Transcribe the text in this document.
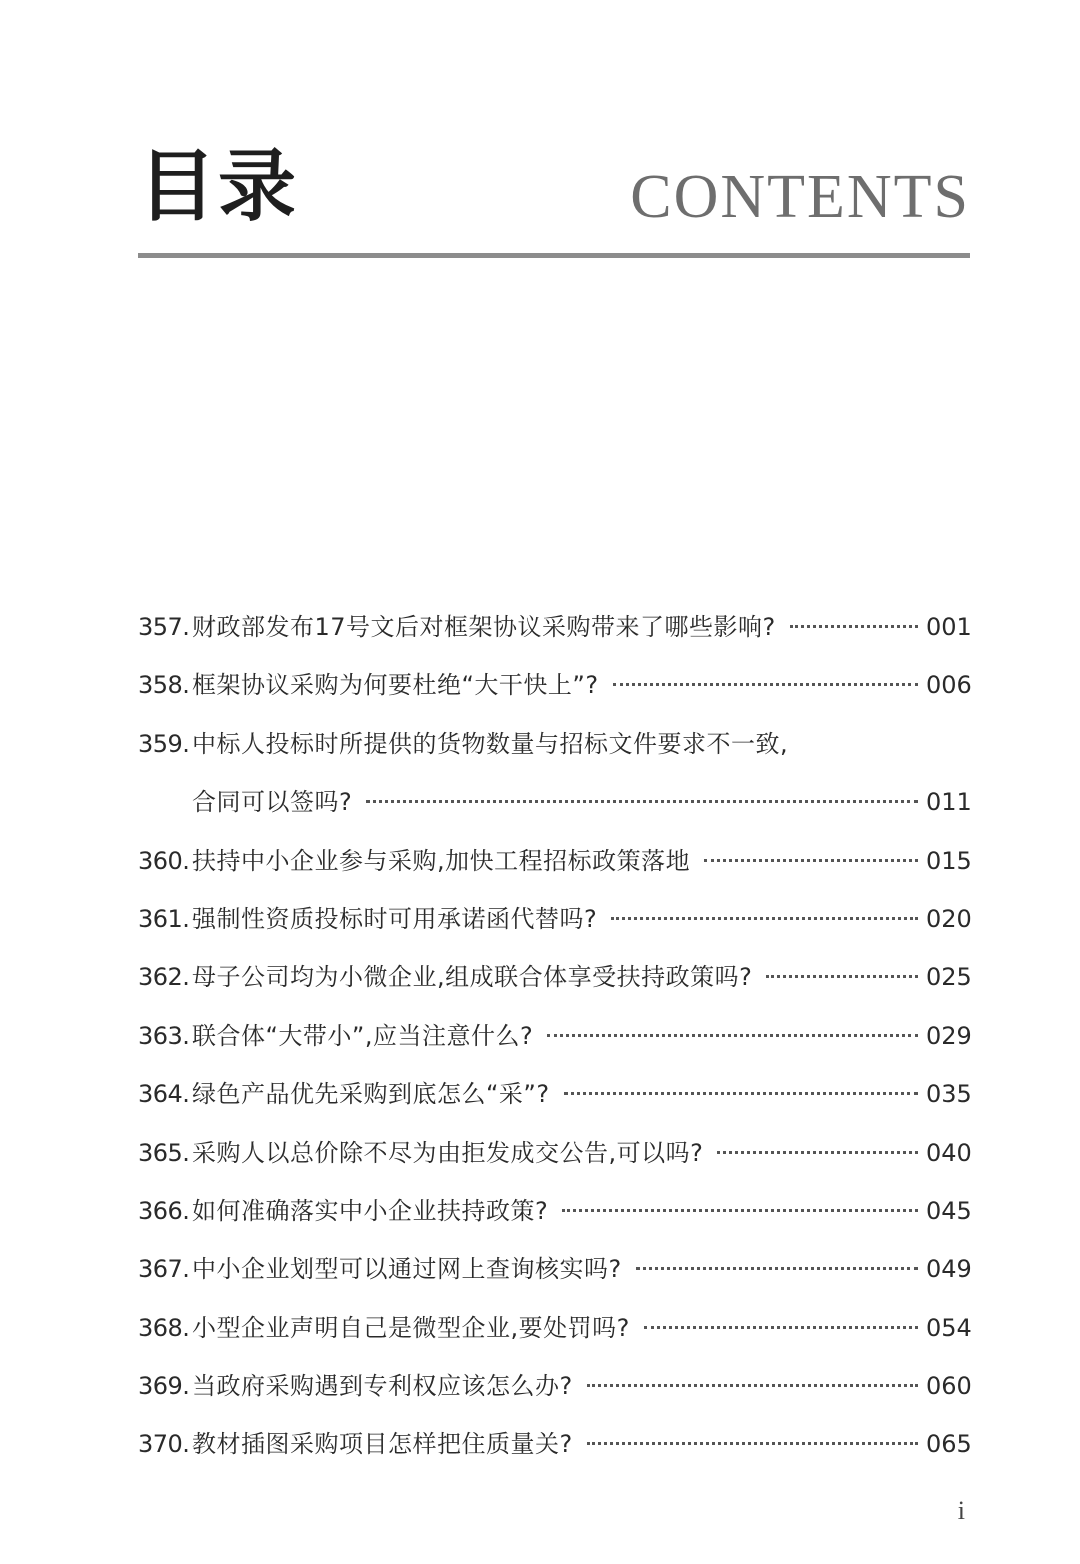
目录	CONTENTS
357. 财政部发布17号文后对框架协议采购带来了哪些影响?	001
358. 框架协议采购为何要杜绝“大干快上”?	006
359. 中标人投标时所提供的货物数量与招标文件要求不一致,
合同可以签吗?	011
360. 扶持中小企业参与采购,加快工程招标政策落地	015
361. 强制性资质投标时可用承诺函代替吗?	020
362. 母子公司均为小微企业,组成联合体享受扶持政策吗?	025
363. 联合体“大带小”,应当注意什么?	029
364. 绿色产品优先采购到底怎么“采”?	035
365. 采购人以总价除不尽为由拒发成交公告,可以吗?	040
366. 如何准确落实中小企业扶持政策?	045
367. 中小企业划型可以通过网上查询核实吗?	049
368. 小型企业声明自己是微型企业,要处罚吗?	054
369. 当政府采购遇到专利权应该怎么办?	060
370. 教材插图采购项目怎样把住质量关?	065
i
